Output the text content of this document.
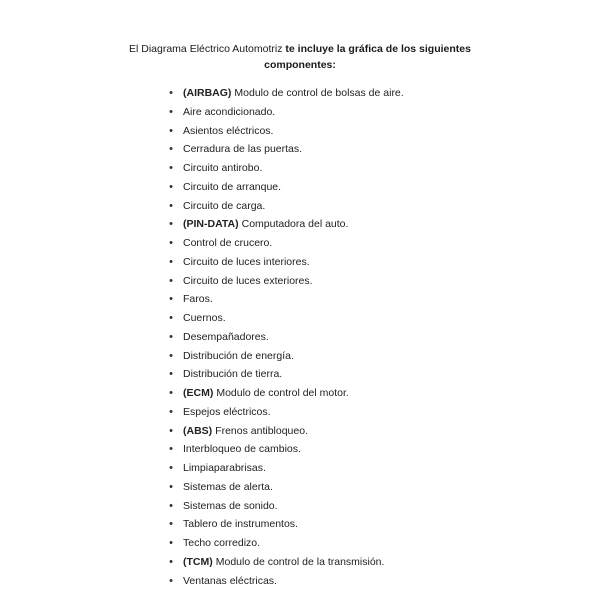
El Diagrama Eléctrico Automotriz te incluye la gráfica de los siguientes
componentes:
• (AIRBAG) Modulo de control de bolsas de aire.
• Aire acondicionado.
• Asientos eléctricos.
• Cerradura de las puertas.
• Circuito antirobo.
• Circuito de arranque.
• Circuito de carga.
• (PIN-DATA) Computadora del auto.
• Control de crucero.
• Circuito de luces interiores.
• Circuito de luces exteriores.
• Faros.
• Cuernos.
• Desempañadores.
• Distribución de energía.
• Distribución de tierra.
• (ECM) Modulo de control del motor.
• Espejos eléctricos.
• (ABS) Frenos antibloqueo.
• Interbloqueo de cambios.
• Limpiaparabrisas.
• Sistemas de alerta.
• Sistemas de sonido.
• Tablero de instrumentos.
• Techo corredizo.
• (TCM) Modulo de control de la transmisión.
• Ventanas eléctricas.
